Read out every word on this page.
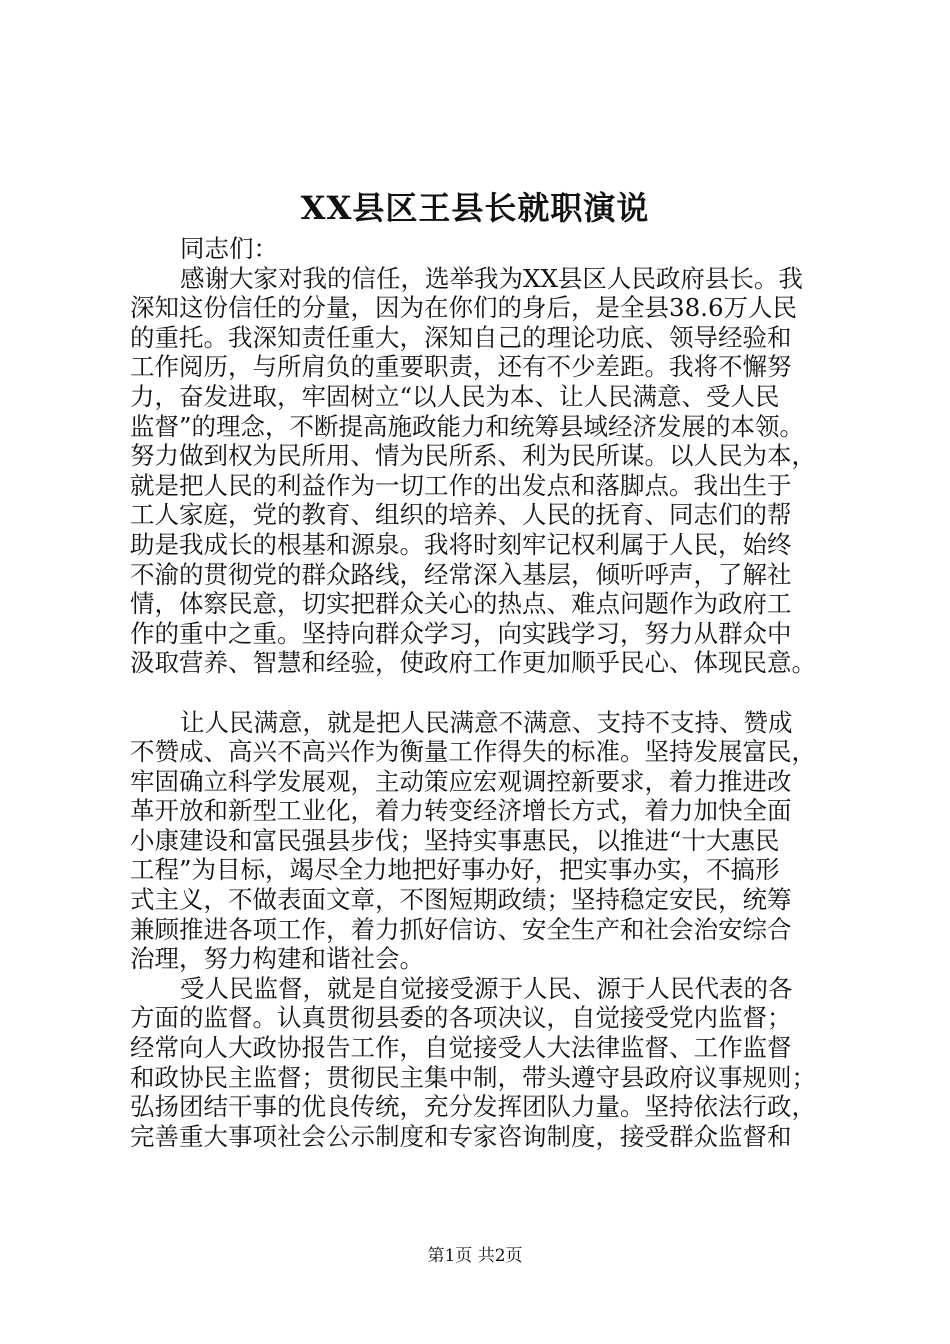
XX县区王县长就职演说
同志们：
感谢大家对我的信任，选举我为XX县区人民政府县长。我
深知这份信任的分量，因为在你们的身后，是全县38.6万人民
的重托。我深知责任重大，深知自己的理论功底、领导经验和
工作阅历，与所肩负的重要职责，还有不少差距。我将不懈努
力，奋发进取，牢固树立“以人民为本、让人民满意、受人民
监督”的理念，不断提高施政能力和统筹县域经济发展的本领。
努力做到权为民所用、情为民所系、利为民所谋。以人民为本，
就是把人民的利益作为一切工作的出发点和落脚点。我出生于
工人家庭，党的教育、组织的培养、人民的抚育、同志们的帮
助是我成长的根基和源泉。我将时刻牢记权利属于人民，始终
不渝的贯彻党的群众路线，经常深入基层，倾听呼声，了解社
情，体察民意，切实把群众关心的热点、难点问题作为政府工
作的重中之重。坚持向群众学习，向实践学习，努力从群众中
汲取营养、智慧和经验，使政府工作更加顺乎民心、体现民意。
让人民满意，就是把人民满意不满意、支持不支持、赞成
不赞成、高兴不高兴作为衡量工作得失的标准。坚持发展富民，
牢固确立科学发展观，主动策应宏观调控新要求，着力推进改
革开放和新型工业化，着力转变经济增长方式，着力加快全面
小康建设和富民强县步伐；坚持实事惠民，以推进“十大惠民
工程”为目标，竭尽全力地把好事办好，把实事办实，不搞形
式主义，不做表面文章，不图短期政绩；坚持稳定安民，统筹
兼顾推进各项工作，着力抓好信访、安全生产和社会治安综合
治理，努力构建和谐社会。
受人民监督，就是自觉接受源于人民、源于人民代表的各
方面的监督。认真贯彻县委的各项决议，自觉接受党内监督；
经常向人大政协报告工作，自觉接受人大法律监督、工作监督
和政协民主监督；贯彻民主集中制，带头遵守县政府议事规则；
弘扬团结干事的优良传统，充分发挥团队力量。坚持依法行政，
完善重大事项社会公示制度和专家咨询制度，接受群众监督和
第1页 共2页
